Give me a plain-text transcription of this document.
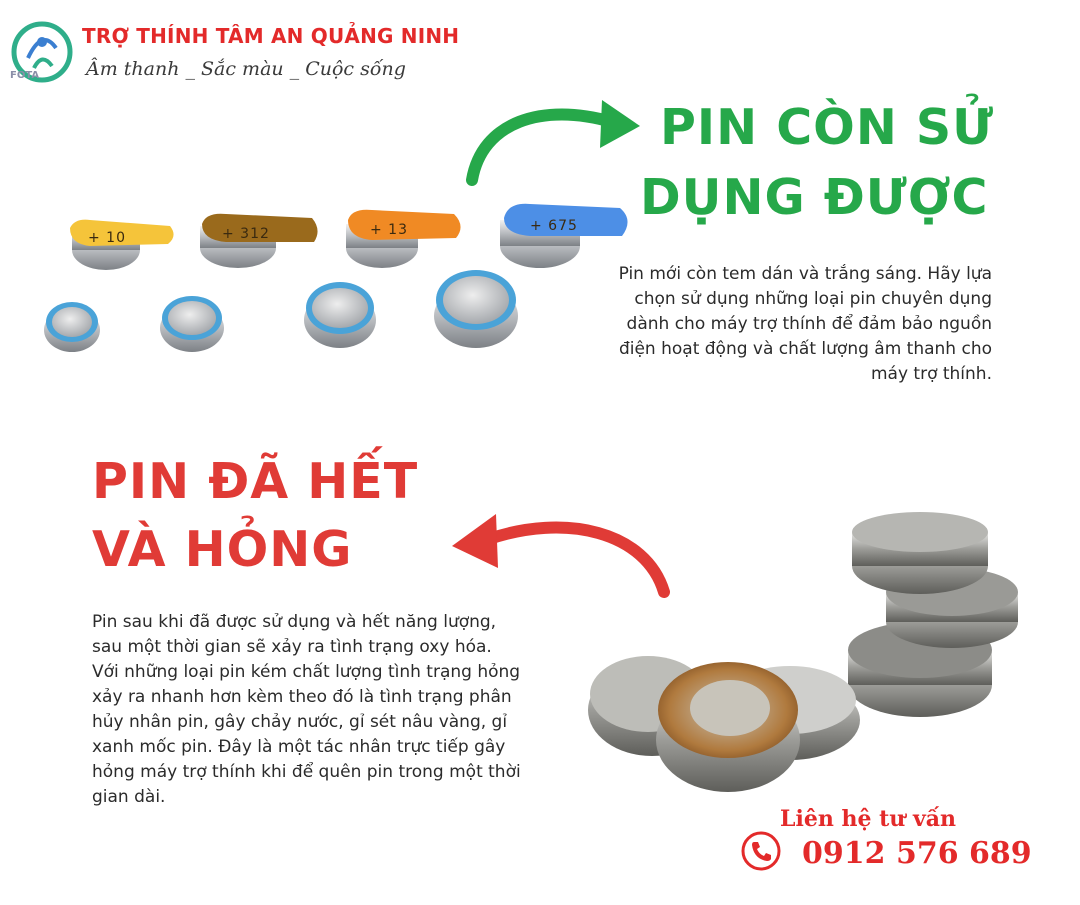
FOTA
TRỢ THÍNH TÂM AN QUẢNG NINH
Âm thanh _ Sắc màu _ Cuộc sống
PIN CÒN SỬ
DỤNG ĐƯỢC
+ 10	+ 312	+ 13	+ 675
Pin mới còn tem dán và trắng sáng. Hãy lựa chọn sử dụng những loại pin chuyên dụng dành cho máy trợ thính để đảm bảo nguồn điện hoạt động và chất lượng âm thanh cho máy trợ thính.
PIN ĐÃ HẾT
VÀ HỎNG
Pin sau khi đã được sử dụng và hết năng lượng, sau một thời gian sẽ xảy ra tình trạng oxy hóa. Với những loại pin kém chất lượng tình trạng hỏng xảy ra nhanh hơn kèm theo đó là tình trạng phân hủy nhân pin, gây chảy nước, gỉ sét nâu vàng, gỉ xanh mốc pin. Đây là một tác nhân trực tiếp gây hỏng máy trợ thính khi để quên pin trong một thời gian dài.
Liên hệ tư vấn
0912 576 689
